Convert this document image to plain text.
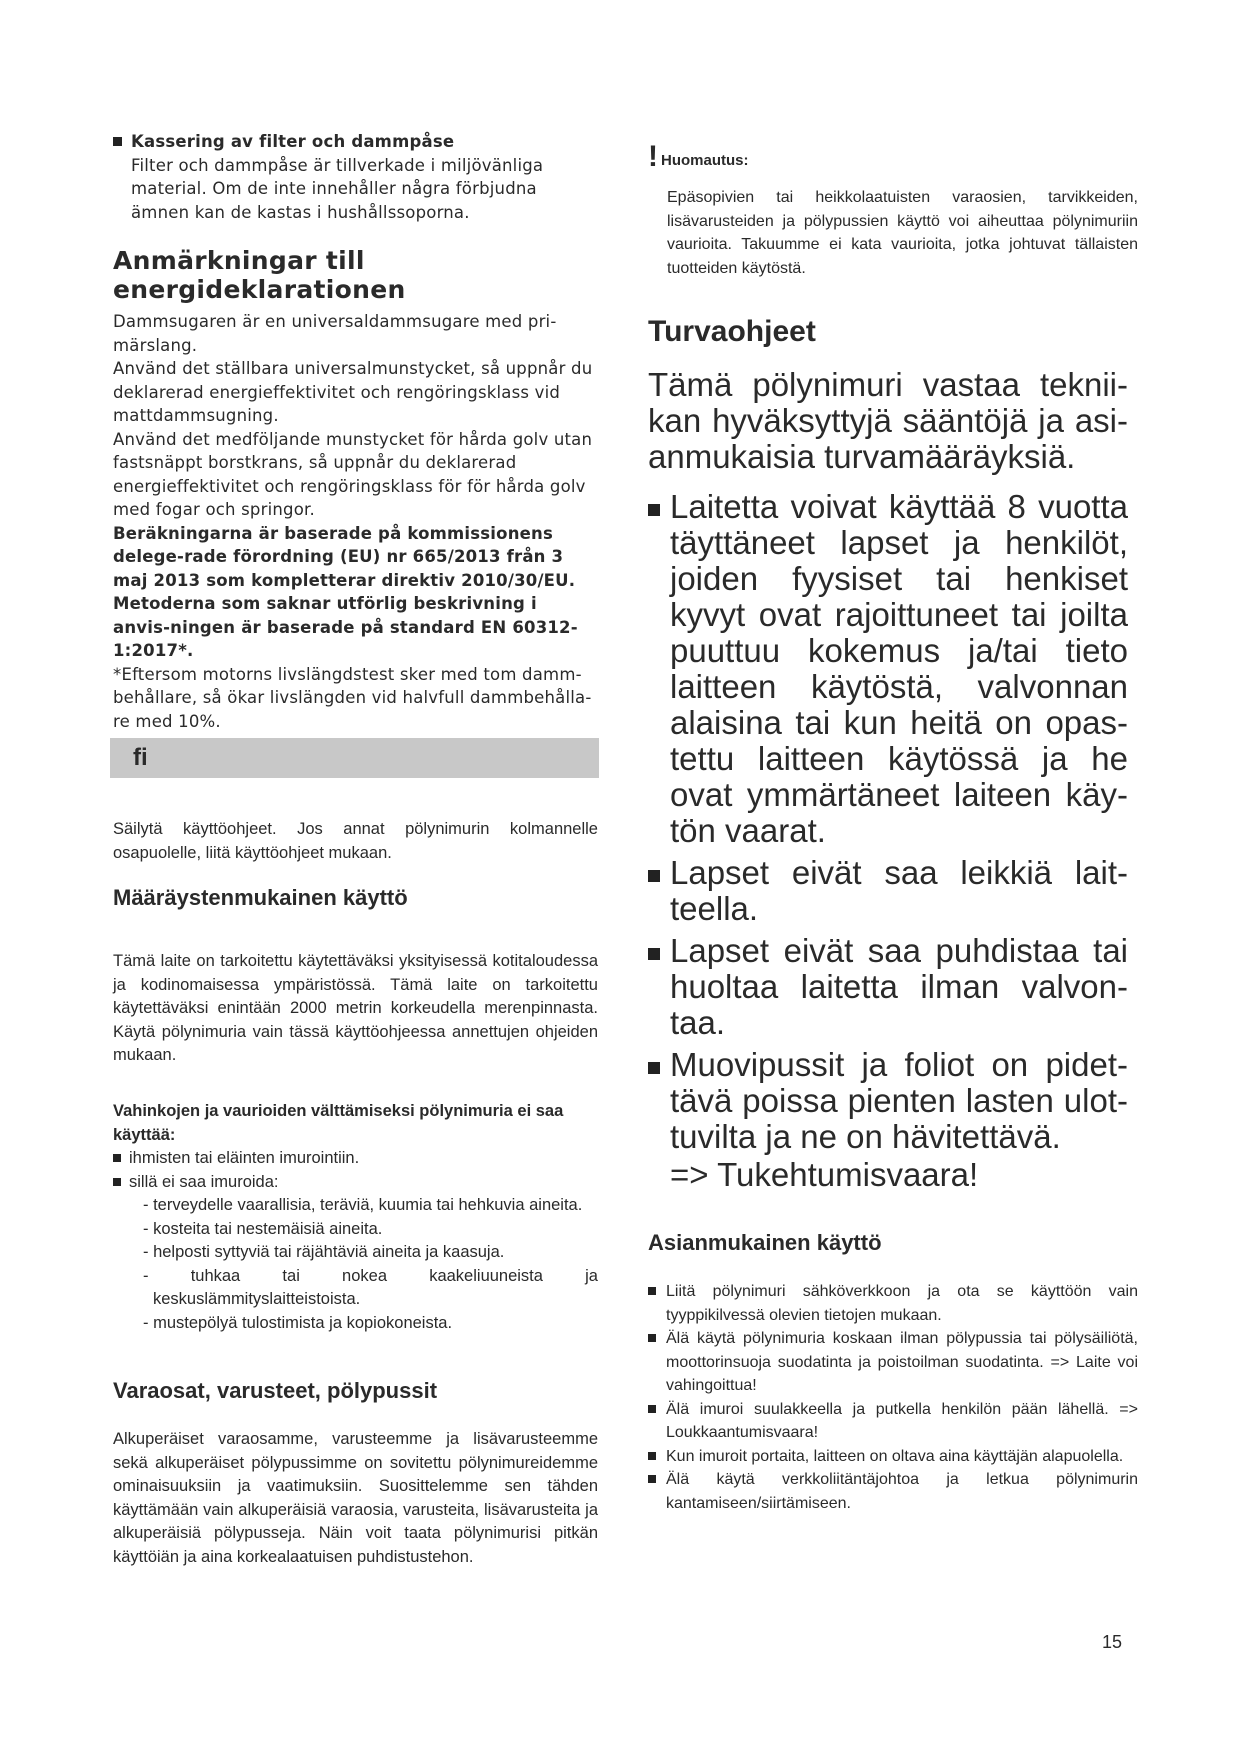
Kassering av filter och dammpåse

Filter och dammpåse är tillverkade i miljövänliga material. Om de inte innehåller några förbjudna ämnen kan de kastas i hushållssoporna.

Anmärkningar till energideklarationen

Dammsugaren är en universaldammsugare med pri-märslang.

Använd det ställbara universalmunstycket, så uppnår du deklarerad energieffektivitet och rengöringsklass vid mattdammsugning.

Använd det medföljande munstycket för hårda golv utan fastsnäppt borstkrans, så uppnår du deklarerad energieffektivitet och rengöringsklass för för hårda golv med fogar och springor.

Beräkningarna är baserade på kommissionens delege-rade förordning (EU) nr 665/2013 från 3 maj 2013 som kompletterar direktiv 2010/30/EU.

Metoderna som saknar utförlig beskrivning i anvis-ningen är baserade på standard EN 60312-1:2017*.

*Eftersom motorns livslängdstest sker med tom damm-behållare, så ökar livslängden vid halvfull dammbehålla-re med 10%.

fi
Säilytä käyttöohjeet. Jos annat pölynimurin kolmannelle osapuolelle, liitä käyttöohjeet mukaan.
Määräystenmukainen käyttö
Tämä laite on tarkoitettu käytettäväksi yksityisessä kotitaloudessa ja kodinomaisessa ympäristössä. Tämä laite on tarkoitettu käytettäväksi enintään 2000 metrin korkeudella merenpinnasta. Käytä pölynimuria vain tässä käyttöohjeessa annettujen ohjeiden mukaan.
Vahinkojen ja vaurioiden välttämiseksi pölynimuria ei saa käyttää:
ihmisten tai eläinten imurointiin.
sillä ei saa imuroida:
- terveydelle vaarallisia, teräviä, kuumia tai hehkuvia aineita.
- kosteita tai nestemäisiä aineita.
- helposti syttyviä tai räjähtäviä aineita ja kaasuja.
- tuhkaa tai nokea kaakeliuuneista ja keskuslämmityslaitteistoista.
- mustepölyä tulostimista ja kopiokoneista.
Varaosat, varusteet, pölypussit
Alkuperäiset varaosamme, varusteemme ja lisävarusteemme sekä alkuperäiset pölypussimme on sovitettu pölynimureidemme ominaisuuksiin ja vaatimuksiin. Suosittelemme sen tähden käyttämään vain alkuperäisiä varaosia, varusteita, lisävarusteita ja alkuperäisiä pölypusseja. Näin voit taata pölynimurisi pitkän käyttöiän ja aina korkealaatuisen puhdistustehon.
! Huomautus:
Epäsopivien tai heikkolaatuisten varaosien, tarvikkeiden, lisävarusteiden ja pölypussien käyttö voi aiheuttaa pölynimuriin vaurioita. Takuumme ei kata vaurioita, jotka johtuvat tällaisten tuotteiden käytöstä.
Turvaohjeet
Tämä pölynimuri vastaa teknii-kan hyväksyttyjä sääntöjä ja asi-anmukaisia turvamääräyksiä.
Laitetta voivat käyttää 8 vuotta täyttäneet lapset ja henkilöt, joiden fyysiset tai henkiset kyvyt ovat rajoittuneet tai joilta puuttuu kokemus ja/tai tieto laitteen käytöstä, valvonnan alaisina tai kun heitä on opas-tettu laitteen käytössä ja he ovat ymmärtäneet laiteen käy-tön vaarat.
Lapset eivät saa leikkiä lait-teella.
Lapset eivät saa puhdistaa tai huoltaa laitetta ilman valvon-taa.
Muovipussit ja foliot on pidet-tävä poissa pienten lasten ulot-tuvilta ja ne on hävitettävä.
=> Tukehtumisvaara!
Asianmukainen käyttö
Liitä pölynimuri sähköverkkoon ja ota se käyttöön vain tyyppikilvessä olevien tietojen mukaan.
Älä käytä pölynimuria koskaan ilman pölypussia tai pölysäiliötä, moottorinsuoja suodatinta ja poistoilman suodatinta. => Laite voi vahingoittua!
Älä imuroi suulakkeella ja putkella henkilön pään lähellä. => Loukkaantumisvaara!
Kun imuroit portaita, laitteen on oltava aina käyttäjän alapuolella.
Älä käytä verkkoliitäntäjohtoa ja letkua pölynimurin kantamiseen/siirtämiseen.
15
